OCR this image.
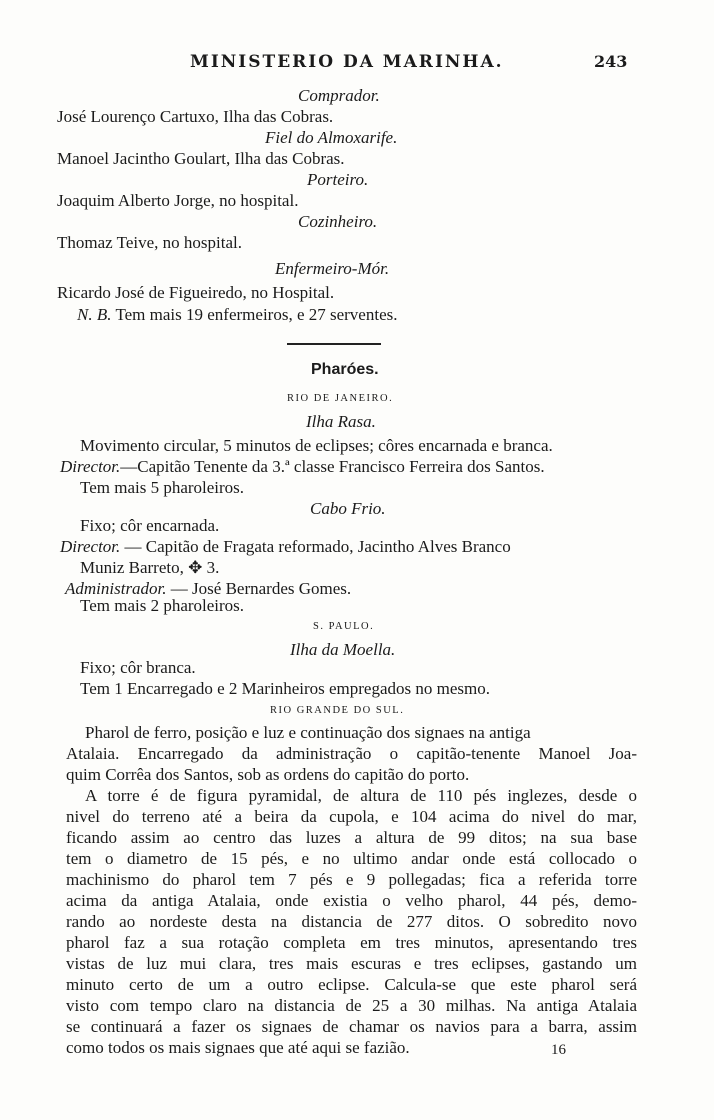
MINISTERIO DA MARINHA.	243
Comprador.
José Lourenço Cartuxo, Ilha das Cobras.
Fiel do Almoxarife.
Manoel Jacintho Goulart, Ilha das Cobras.
Porteiro.
Joaquim Alberto Jorge, no hospital.
Cozinheiro.
Thomaz Teive, no hospital.
Enfermeiro-Mór.
Ricardo José de Figueiredo, no Hospital.
N. B. Tem mais 19 enfermeiros, e 27 serventes.
Pharóes.
RIO DE JANEIRO.
Ilha Rasa.
Movimento circular, 5 minutos de eclipses; côres encarnada e branca.
Director.—Capitão Tenente da 3.ª classe Francisco Ferreira dos Santos.
Tem mais 5 pharoleiros.
Cabo Frio.
Fixo; côr encarnada.
Director. — Capitão de Fragata reformado, Jacintho Alves Branco
Muniz Barreto, ✥ 3.
Administrador. — José Bernardes Gomes.
Tem mais 2 pharoleiros.
S. PAULO.
Ilha da Moella.
Fixo; côr branca.
Tem 1 Encarregado e 2 Marinheiros empregados no mesmo.
RIO GRANDE DO SUL.
Pharol de ferro, posição e luz e continuação dos signaes na antiga
Atalaia. Encarregado da administração o capitão-tenente Manoel Joa-
quim Corrêa dos Santos, sob as ordens do capitão do porto.
A torre é de figura pyramidal, de altura de 110 pés inglezes, desde o
nivel do terreno até a beira da cupola, e 104 acima do nivel do mar,
ficando assim ao centro das luzes a altura de 99 ditos; na sua base
tem o diametro de 15 pés, e no ultimo andar onde está collocado o
machinismo do pharol tem 7 pés e 9 pollegadas; fica a referida torre
acima da antiga Atalaia, onde existia o velho pharol, 44 pés, demo-
rando ao nordeste desta na distancia de 277 ditos. O sobredito novo
pharol faz a sua rotação completa em tres minutos, apresentando tres
vistas de luz mui clara, tres mais escuras e tres eclipses, gastando um
minuto certo de um a outro eclipse. Calcula-se que este pharol será
visto com tempo claro na distancia de 25 a 30 milhas. Na antiga Atalaia
se continuará a fazer os signaes de chamar os navios para a barra, assim
como todos os mais signaes que até aqui se fazião.	16
